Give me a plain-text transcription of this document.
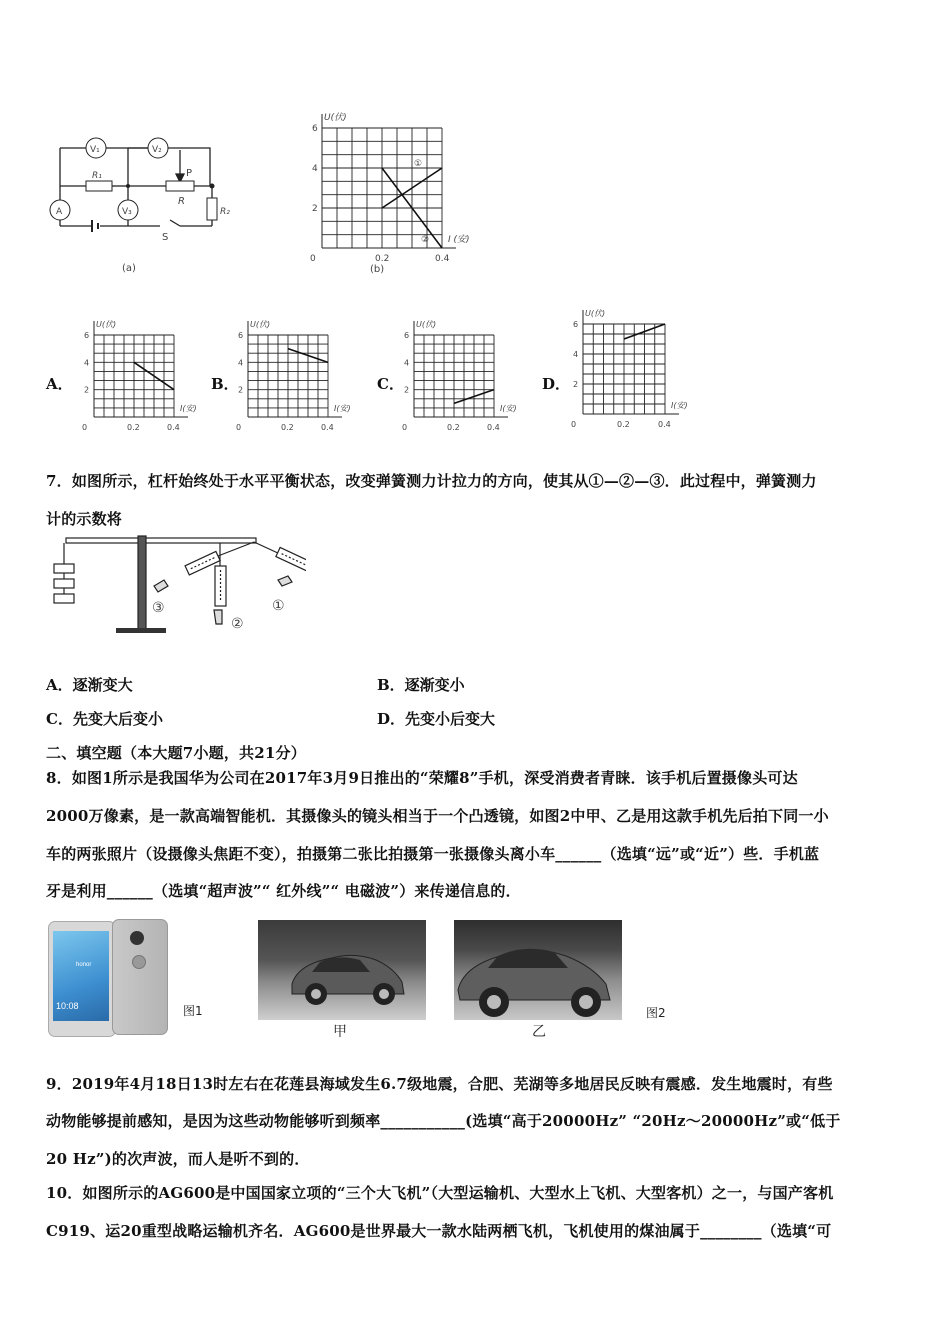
V₁	V₂
A	V₃
R₁
R
P
R₂
S
(a)
U(伏)
I (安)
2
4
6
0	0.2	0.4
①
②
(b)
A．
U(伏)
I(安)
2
4
6
0	0.2	0.4
B．
U(伏)
I(安)
2
4
6
0	0.2	0.4
C．
U(伏)
I(安)
2
4
6
0	0.2	0.4
D．
U(伏)
I(安)
2
4
6
0	0.2	0.4
7．如图所示，杠杆始终处于水平平衡状态，改变弹簧测力计拉力的方向，使其从①—②—③．此过程中，弹簧测力
计的示数将
③
②
①
A．逐渐变大	B．逐渐变小
C．先变大后变小	D．先变小后变大
二、填空题（本大题7小题，共21分）
8．如图1所示是我国华为公司在2017年3月9日推出的“荣耀8”手机，深受消费者青睐．该手机后置摄像头可达
2000万像素，是一款高端智能机．其摄像头的镜头相当于一个凸透镜，如图2中甲、乙是用这款手机先后拍下同一小
车的两张照片（设摄像头焦距不变），拍摄第二张比拍摄第一张摄像头离小车______（选填“远”或“近”）些．手机蓝
牙是利用______（选填“超声波”“ 红外线”“ 电磁波”）来传递信息的．
honor
10:08	图1
甲	乙
图2
9．2019年4月18日13时左右在花莲县海域发生6.7级地震，合肥、芜湖等多地居民反映有震感．发生地震时，有些
动物能够提前感知，是因为这些动物能够听到频率___________(选填“高于20000Hz” “20Hz～20000Hz”或“低于
20 Hz”)的次声波，而人是听不到的．
10．如图所示的AG600是中国国家立项的“三个大飞机”（大型运输机、大型水上飞机、大型客机）之一，与国产客机
C919、运20重型战略运输机齐名．AG600是世界最大一款水陆两栖飞机，飞机使用的煤油属于________（选填“可
